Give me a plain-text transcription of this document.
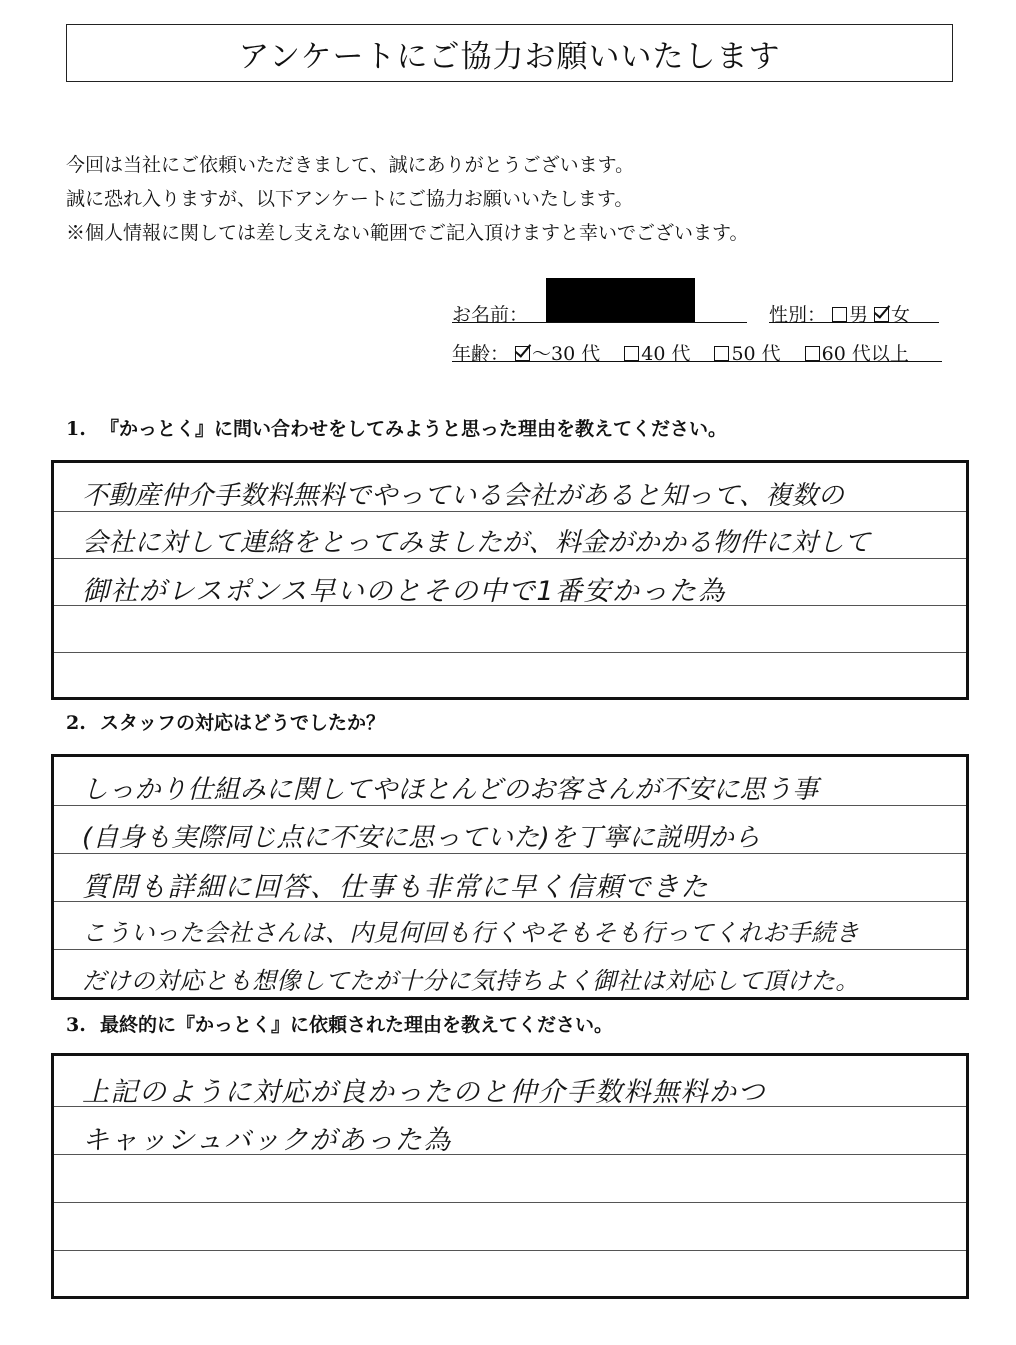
アンケートにご協力お願いいたします
今回は当社にご依頼いただきまして、誠にありがとうございます。
誠に恐れ入りますが、以下アンケートにご協力お願いいたします。
※個人情報に関しては差し支えない範囲でご記入頂けますと幸いでございます。
お名前：	性別： 男 女
年齢： ～30 代 40 代 50 代 60 代以上
1. 『かっとく』に問い合わせをしてみようと思った理由を教えてください。
不動産仲介手数料無料でやっている会社があると知って、複数の
会社に対して連絡をとってみましたが、料金がかかる物件に対して
御社がレスポンス早いのとその中で1番安かった為
2. スタッフの対応はどうでしたか？
しっかり仕組みに関してやほとんどのお客さんが不安に思う事
(自身も実際同じ点に不安に思っていた)を丁寧に説明から
質問も詳細に回答、仕事も非常に早く信頼できた
こういった会社さんは、内見何回も行くやそもそも行ってくれお手続き
だけの対応とも想像してたが十分に気持ちよく御社は対応して頂けた。
3. 最終的に『かっとく』に依頼された理由を教えてください。
上記のように対応が良かったのと仲介手数料無料かつ
キャッシュバックがあった為
